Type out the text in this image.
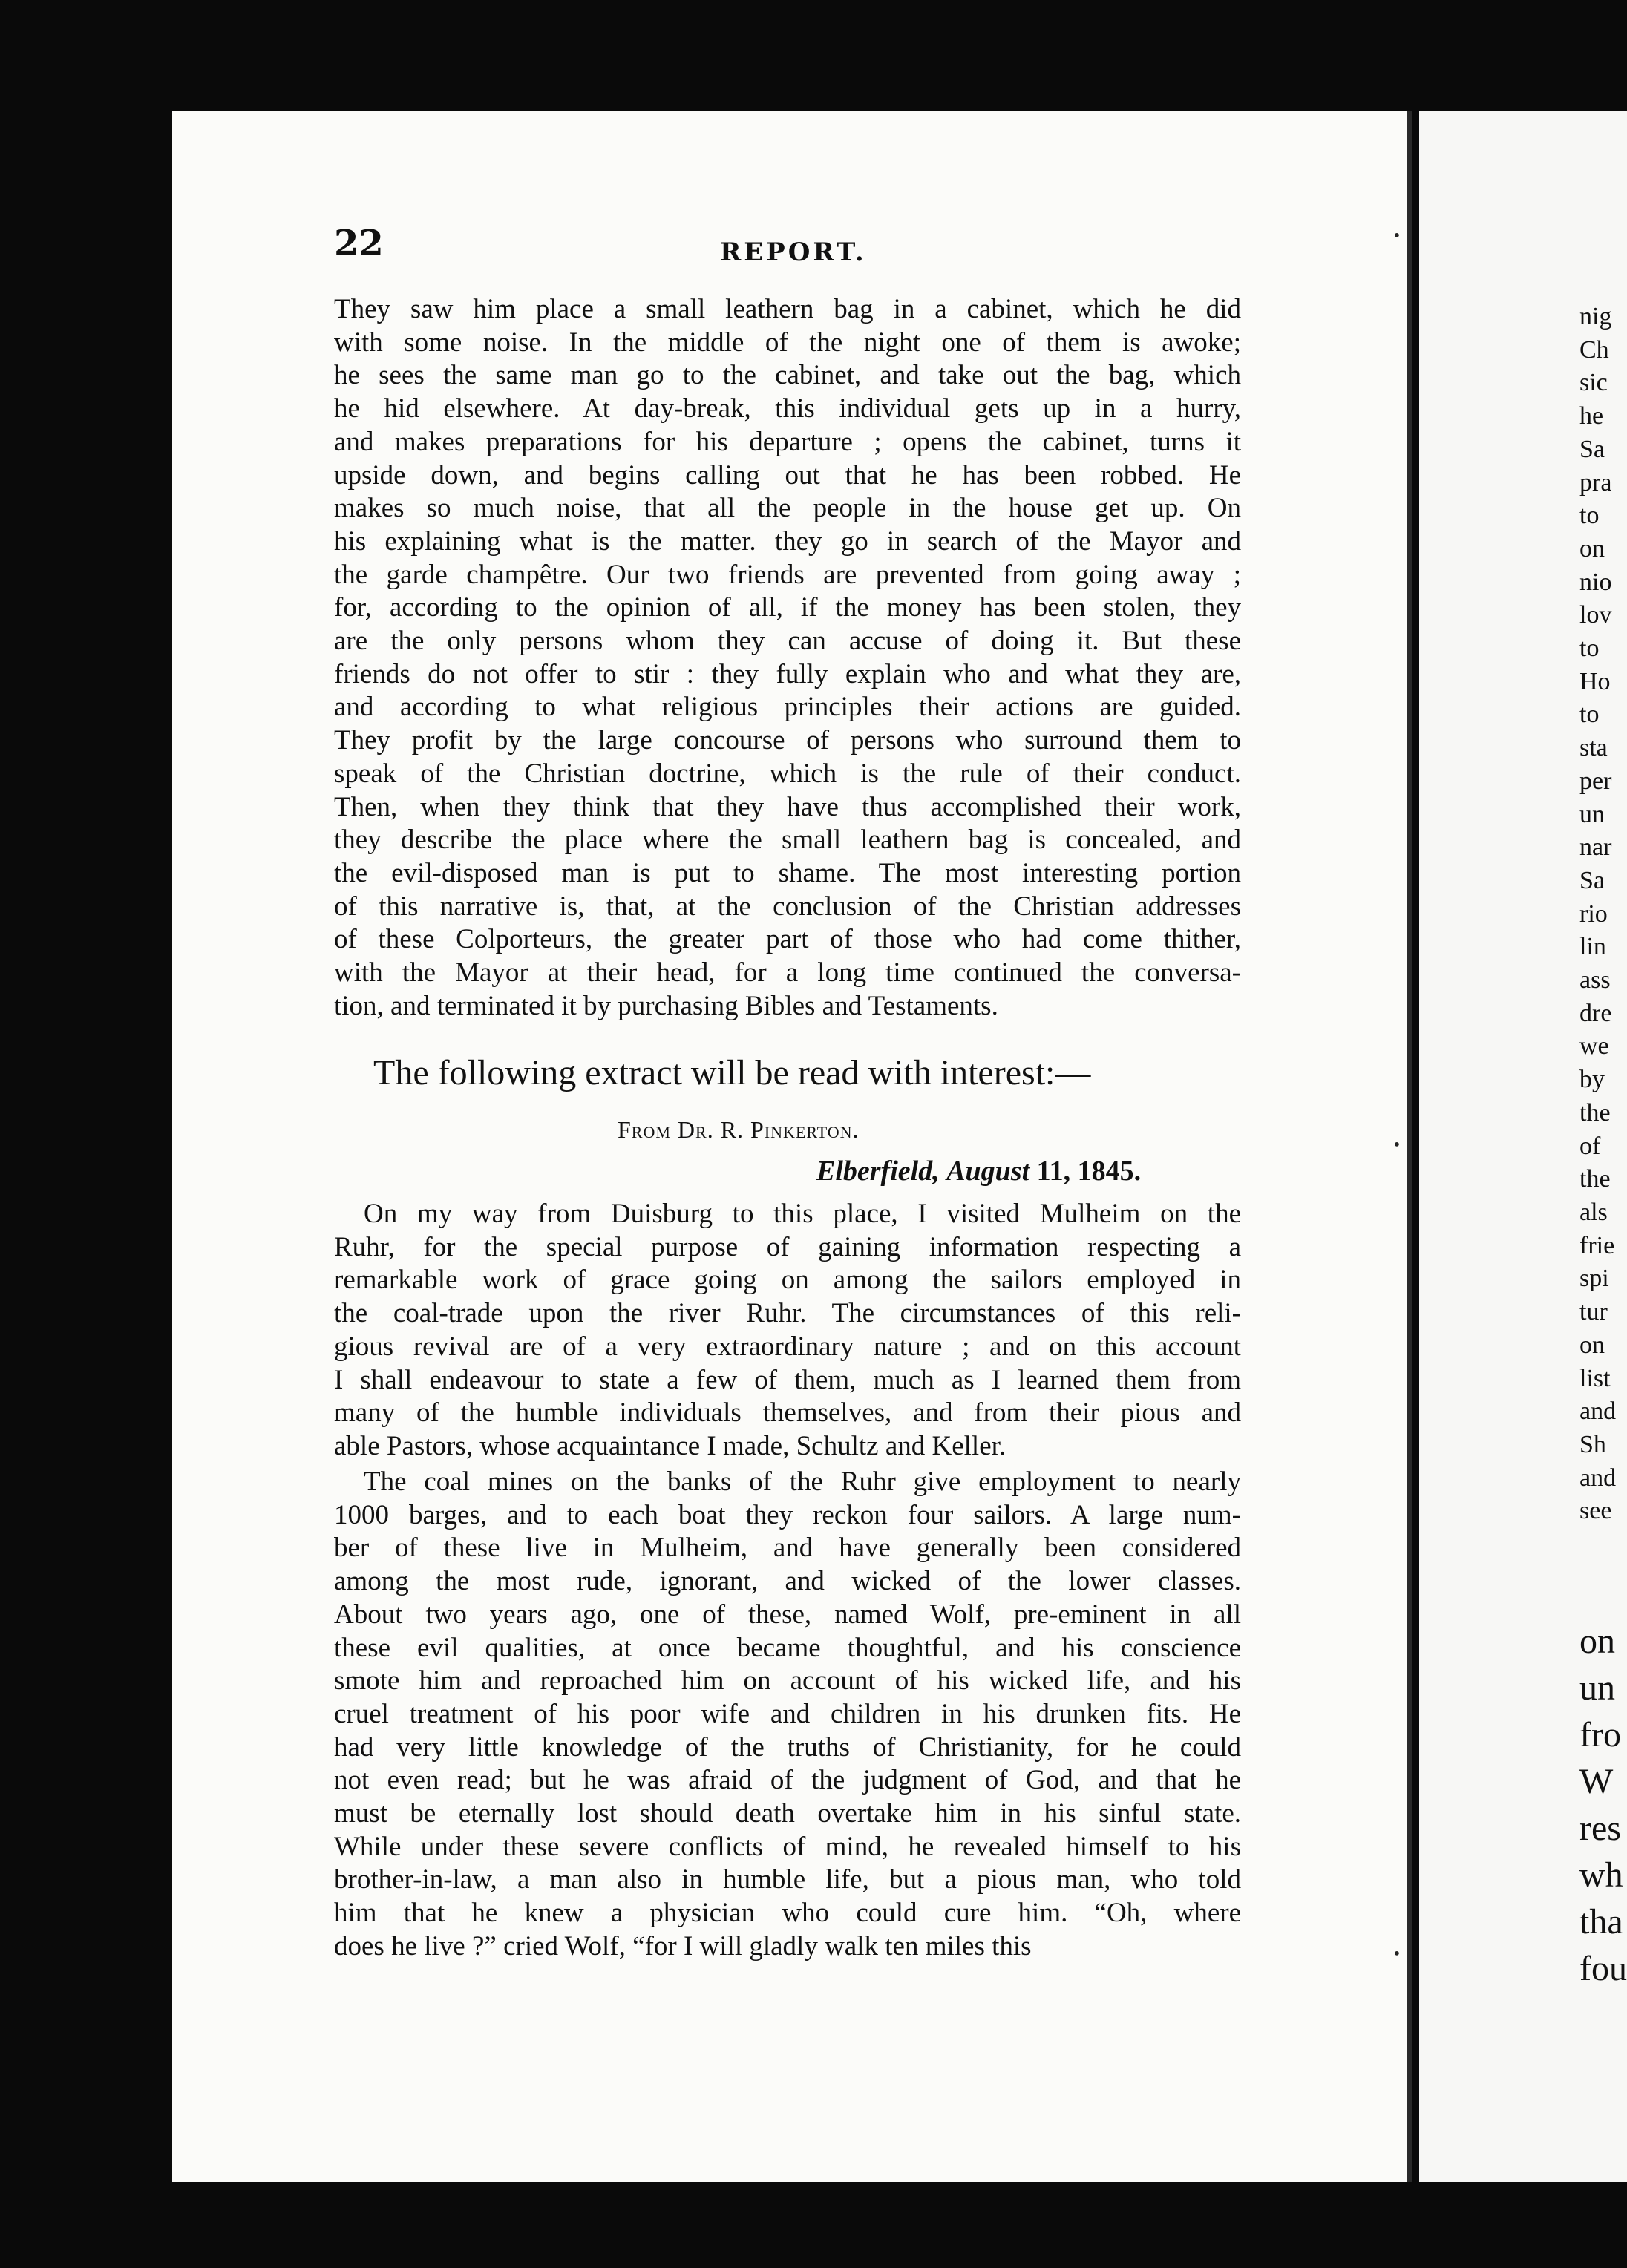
22	REPORT.
They saw him place a small leathern bag in a cabinet, which he did
with some noise. In the middle of the night one of them is awoke;
he sees the same man go to the cabinet, and take out the bag, which
he hid elsewhere. At day-break, this individual gets up in a hurry,
and makes preparations for his departure ; opens the cabinet, turns it
upside down, and begins calling out that he has been robbed. He
makes so much noise, that all the people in the house get up. On
his explaining what is the matter. they go in search of the Mayor and
the garde champêtre. Our two friends are prevented from going away ;
for, according to the opinion of all, if the money has been stolen, they
are the only persons whom they can accuse of doing it. But these
friends do not offer to stir : they fully explain who and what they are,
and according to what religious principles their actions are guided.
They profit by the large concourse of persons who surround them to
speak of the Christian doctrine, which is the rule of their conduct.
Then, when they think that they have thus accomplished their work,
they describe the place where the small leathern bag is concealed, and
the evil-disposed man is put to shame. The most interesting portion
of this narrative is, that, at the conclusion of the Christian addresses
of these Colporteurs, the greater part of those who had come thither,
with the Mayor at their head, for a long time continued the conversa-
tion, and terminated it by purchasing Bibles and Testaments.
The following extract will be read with interest:—
From Dr. R. Pinkerton.
Elberfield, August 11, 1845.
On my way from Duisburg to this place, I visited Mulheim on the
Ruhr, for the special purpose of gaining information respecting a
remarkable work of grace going on among the sailors employed in
the coal-trade upon the river Ruhr. The circumstances of this reli-
gious revival are of a very extraordinary nature ; and on this account
I shall endeavour to state a few of them, much as I learned them from
many of the humble individuals themselves, and from their pious and
able Pastors, whose acquaintance I made, Schultz and Keller.
The coal mines on the banks of the Ruhr give employment to nearly
1000 barges, and to each boat they reckon four sailors. A large num-
ber of these live in Mulheim, and have generally been considered
among the most rude, ignorant, and wicked of the lower classes.
About two years ago, one of these, named Wolf, pre-eminent in all
these evil qualities, at once became thoughtful, and his conscience
smote him and reproached him on account of his wicked life, and his
cruel treatment of his poor wife and children in his drunken fits. He
had very little knowledge of the truths of Christianity, for he could
not even read; but he was afraid of the judgment of God, and that he
must be eternally lost should death overtake him in his sinful state.
While under these severe conflicts of mind, he revealed himself to his
brother-in-law, a man also in humble life, but a pious man, who told
him that he knew a physician who could cure him. “Oh, where
does he live ?” cried Wolf, “for I will gladly walk ten miles this
nig
Ch
sic
he
Sa
pra
to
on
nio
lov
to
Ho
to
sta
per
un
nar
Sa
rio
lin
ass
dre
we
by
the
of
the
als
frie
spi
tur
on
list
and
Sh
and
see
on
un
fro
W
res
wh
tha
fou
•
•
•
